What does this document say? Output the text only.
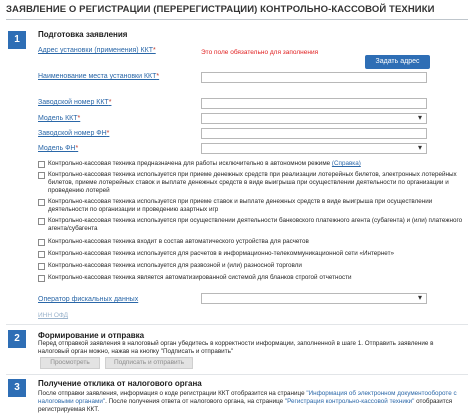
ЗАЯВЛЕНИЕ О РЕГИСТРАЦИИ (ПЕРЕРЕГИСТРАЦИИ) КОНТРОЛЬНО-КАССОВОЙ ТЕХНИКИ
1	Подготовка заявления
Адрес установки (применения) ККТ*	Это поле обязательно для заполнения
Задать адрес
Наименование места установки ККТ*
Заводской номер ККТ*
Модель ККТ*
▾
Заводской номер ФН*
Модель ФН*
▾
Контрольно-кассовая техника предназначена для работы исключительно в автономном режиме (Справка)
Контрольно-кассовая техника используется при приеме денежных средств при реализации лотерейных билетов, электронных лотерейных билетов, приеме лотерейных ставок и выплате денежных средств в виде выигрыша при осуществлении деятельности по организации и проведению лотерей
Контрольно-кассовая техника используется при приеме ставок и выплате денежных средств в виде выигрыша при осуществлении деятельности по организации и проведению азартных игр
Контрольно-кассовая техника используется при осуществлении деятельности банковского платежного агента (субагента) и (или) платежного агента/субагента
Контрольно-кассовая техника входит в состав автоматического устройства для расчетов
Контрольно-кассовая техника используется для расчетов в информационно-телекоммуникационной сети «Интернет»
Контрольно-кассовая техника используется для развозной и (или) разносной торговли
Контрольно-кассовая техника является автоматизированной системой для бланков строгой отчетности
Оператор фискальных данных
▾
ИНН ОФД
2	Формирование и отправка
Перед отправкой заявления в налоговый орган убедитесь в корректности информации, заполненной в шаге 1. Отправить заявление в налоговый орган можно, нажав на кнопку "Подписать и отправить"
Просмотреть	Подписать и отправить
3	Получение отклика от налогового органа
После отправки заявления, информация о коде регистрации ККТ отобразится на странице "Информация об электронном документообороте с налоговыми органами". После получения ответа от налогового органа, на странице "Регистрация контрольно-кассовой техники" отобразится регистрируемая ККТ.
